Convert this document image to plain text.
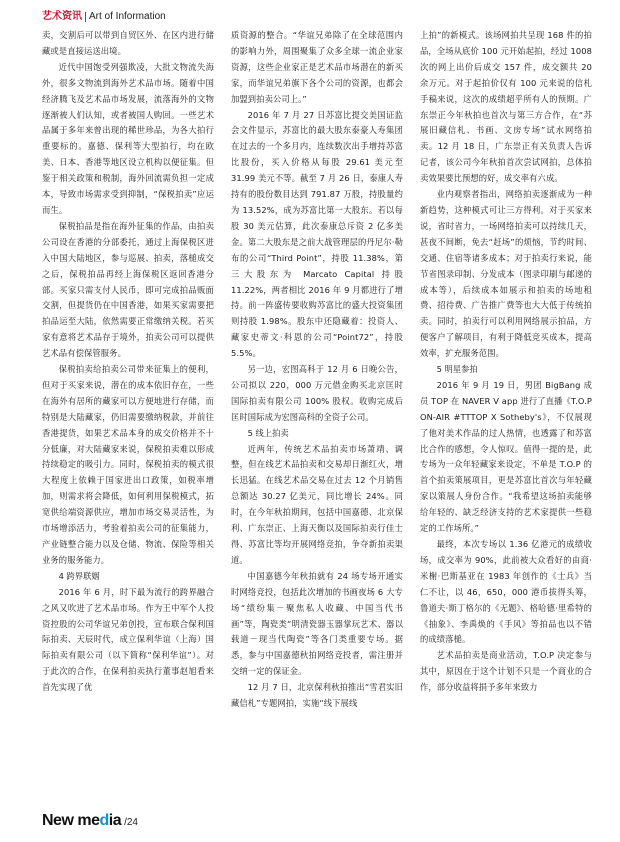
艺术资讯 Art of Information

卖，交割后可以带到自贸区外、在区内进行储藏或是直接运送出境。

近代中国饱受列强欺凌，大批文物流失海外，很多文物流到海外艺术品市场。随着中国经济腾飞及艺术品市场发展，流落海外的文物逐渐被人们认知，或者被国人购回。一些艺术品属于多年来曾出现的稀世珍品，为各大拍行重要标的。嘉德、保利等大型拍行，均在欧美、日本、香港等地区设立机构以便征集。但鉴于相关政策和税制，海外回流需负担一定成本，导致市场需求受到抑制，“保税拍卖”应运而生。

保税拍品是指在海外征集的作品，由拍卖公司设在香港的分部委托，通过上海保税区进入中国大陆地区，参与巡展、拍卖，落槌成交之后，保税拍品再经上海保税区返回香港分部。买家只需支付人民币，即可完成拍品贩面交割，但提货仍在中国香港，如果买家需要把拍品运至大陆，依然需要正常缴纳关税。若买家有意将艺术品存于境外，拍卖公司可以提供艺术品有偿保管服务。

保税拍卖给拍卖公司带来征集上的便利，但对于买家来说，潜在的成本依旧存在，一些在海外有居所的藏家可以方便地进行存储，而特别是大陆藏家，仍旧需要缴纳税款，并前往香港提货，如果艺术品本身的成交价格并不十分低廉，对大陆藏家来说，保税拍卖难以形成持续稳定的吸引力。同时，保税拍卖的模式很大程度上依赖于国家进出口政策，如税率增加，则需求将会降低，如何利用保税模式，拓宽供给端资源供应，增加市场交易灵活性，为市场增添活力，考验着拍卖公司的征集能力，产业链整合能力以及仓储、物流、保险等相关业务的服务能力。

4 跨界联姻

2016 年 6 月，时下最为流行的跨界融合之风又吹进了艺术品市场。作为王中军个人投资控股的公司华谊兄弟创投，宣布联合保利国际拍卖、天辰时代，成立保利华谊（上海）国际拍卖有限公司（以下简称“保利华谊”）。对于此次的合作，在保利拍卖执行董事赵旭看来首先实现了优

质资源的整合。“华谊兄弟除了在全球范围内的影响力外，周围聚集了众多全球一流企业家资源，这些企业家正是艺术品市场潜在的新买家，而华谊兄弟旗下各个公司的资源，也都会加盟到拍卖公司上。”

2016 年 7 月 27 日苏富比提交美国证监会文件显示，苏富比的最大股东泰豪人寿集团在过去的一个多月内，连续数次出手增持苏富比股份，买入价格从每股 29.61 美元至 31.99 美元不等。截至 7 月 26 日，泰康人寿持有的股份数目达到 791.87 万股，持股量约为 13.52%，成为苏富比第一大股东。若以每股 30 美元估算，此次泰康总斥资 2 亿多美金。第二大股东是之前大战管理层的丹尼尔·勒布的公司“Third Point”，持股 11.38%，第三大股东为 Marcato Capital 持股 11.22%，两者相比 2016 年 9 月都进行了增持。前一阵盛传要收购苏富比的盛大投资集团则持股 1.98%。股东中还隐藏着：投资人、藏家史蒂文·科恩的公司“Point72”，持股 5.5%。

另一边，宏图高科于 12 月 6 日晚公告，公司拟以 220，000 万元借金购买北京匡时国际拍卖有限公司 100% 股权。收购完成后匡时国际成为宏图高科的全资子公司。

5 线上拍卖

近两年，传统艺术品拍卖市场萧靖、调整，但在线艺术品拍卖和交易却日渐红火，增长迅猛。在线艺术品交易在过去 12 个月销售总额达 30.27 亿美元，同比增长 24%。同时，在今年秋拍期间，包括中国嘉德、北京保利、广东崇正、上海天衡以及国际拍卖行佳士得、苏富比等均开展网络竞拍，争夺新拍卖渠道。

中国嘉德今年秋拍就有 24 场专场开通实时网络竞投，包括此次增加的书画夜场 6 大专场“绩纷集－聚焦私人收藏、中国当代书画”等，陶瓷类“明清瓷器玉器掌玩艺术、器以载道－现当代陶瓷”等各门类重要专场。据悉，参与中国嘉德秋拍网络竞投者，需注册并交纳一定的保证金。

12 月 7 日，北京保利秋拍推出“雪君实旧藏信札”专题网拍，实施“线下展线

上拍”的新模式。该场网拍共呈现 168 件的拍品，全场从底价 100 元开始起拍，经过 1008 次的网上出价后成交 157 件，成交额共 20 余万元。对于起拍价仅有 100 元来说的信札手稿来说，这次的成绩超乎所有人的预期。广东崇正今年秋拍也首次与第三方合作，在“苏展旧藏信札、书画、文房专场”试水网络拍卖。12 月 18 日，广东崇正有关负责人告诉记者，该公司今年秋拍首次尝试网拍，总体拍卖效果要比预想的好，成交率有六成。

业内观察者指出，网络拍卖逐渐成为一种新趋势，这种模式可让三方得利。对于买家来说，省时省力，一场网络拍卖可以持续几天，甚夜不间断，免去“赶场”的烦恼，节约时间、交通、住宿等诸多成本；对于拍卖行来说，能节省图录印制、分发成本（图录印刷与邮递的成本等），后续成本如展示和拍卖的场地租费、招待费、广告推广费等也大大低于传统拍卖。同时，拍卖行可以利用网络展示拍品，方便客户了解项目，有利于降低竞买成本，提高效率，扩充服务范围。

5 明星参拍

2016 年 9 月 19 日，男团 BigBang 成员 TOP 在 NAVER V app 进行了直播《T.O.P ON-AIR #TTTOP X Sotheby's》，不仅展现了他对美术作品的过人热情，也透露了和苏富比合作的感想，令人惊叹。值得一提的是，此专场为一众年轻藏家来设定，不单是 T.O.P 的首个拍卖策展项目，更是苏富比首次与年轻藏家以策展人身份合作。“我希望这场拍卖能够给年轻的、缺乏经济支持的艺术家提供一些稳定的工作场所。”

最终，本次专场以 1.36 亿港元的成绩收场，成交率为 90%，此前被大众看好的由商·米榭·巴斯基亚在 1983 年创作的《士兵》当仁不让，以 46，650，000 港币拔得头筹，鲁道夫·斯丁格尔的《无题》、格哈德·里希特的《抽象》、李禹焕的《手风》等拍品也以不错的成绩落槌。

艺术品拍卖是商业活动，T.O.P 决定参与其中，原因在于这个计划不只是一个商业的合作，部分收益将捐予多年来致力

New media /24
